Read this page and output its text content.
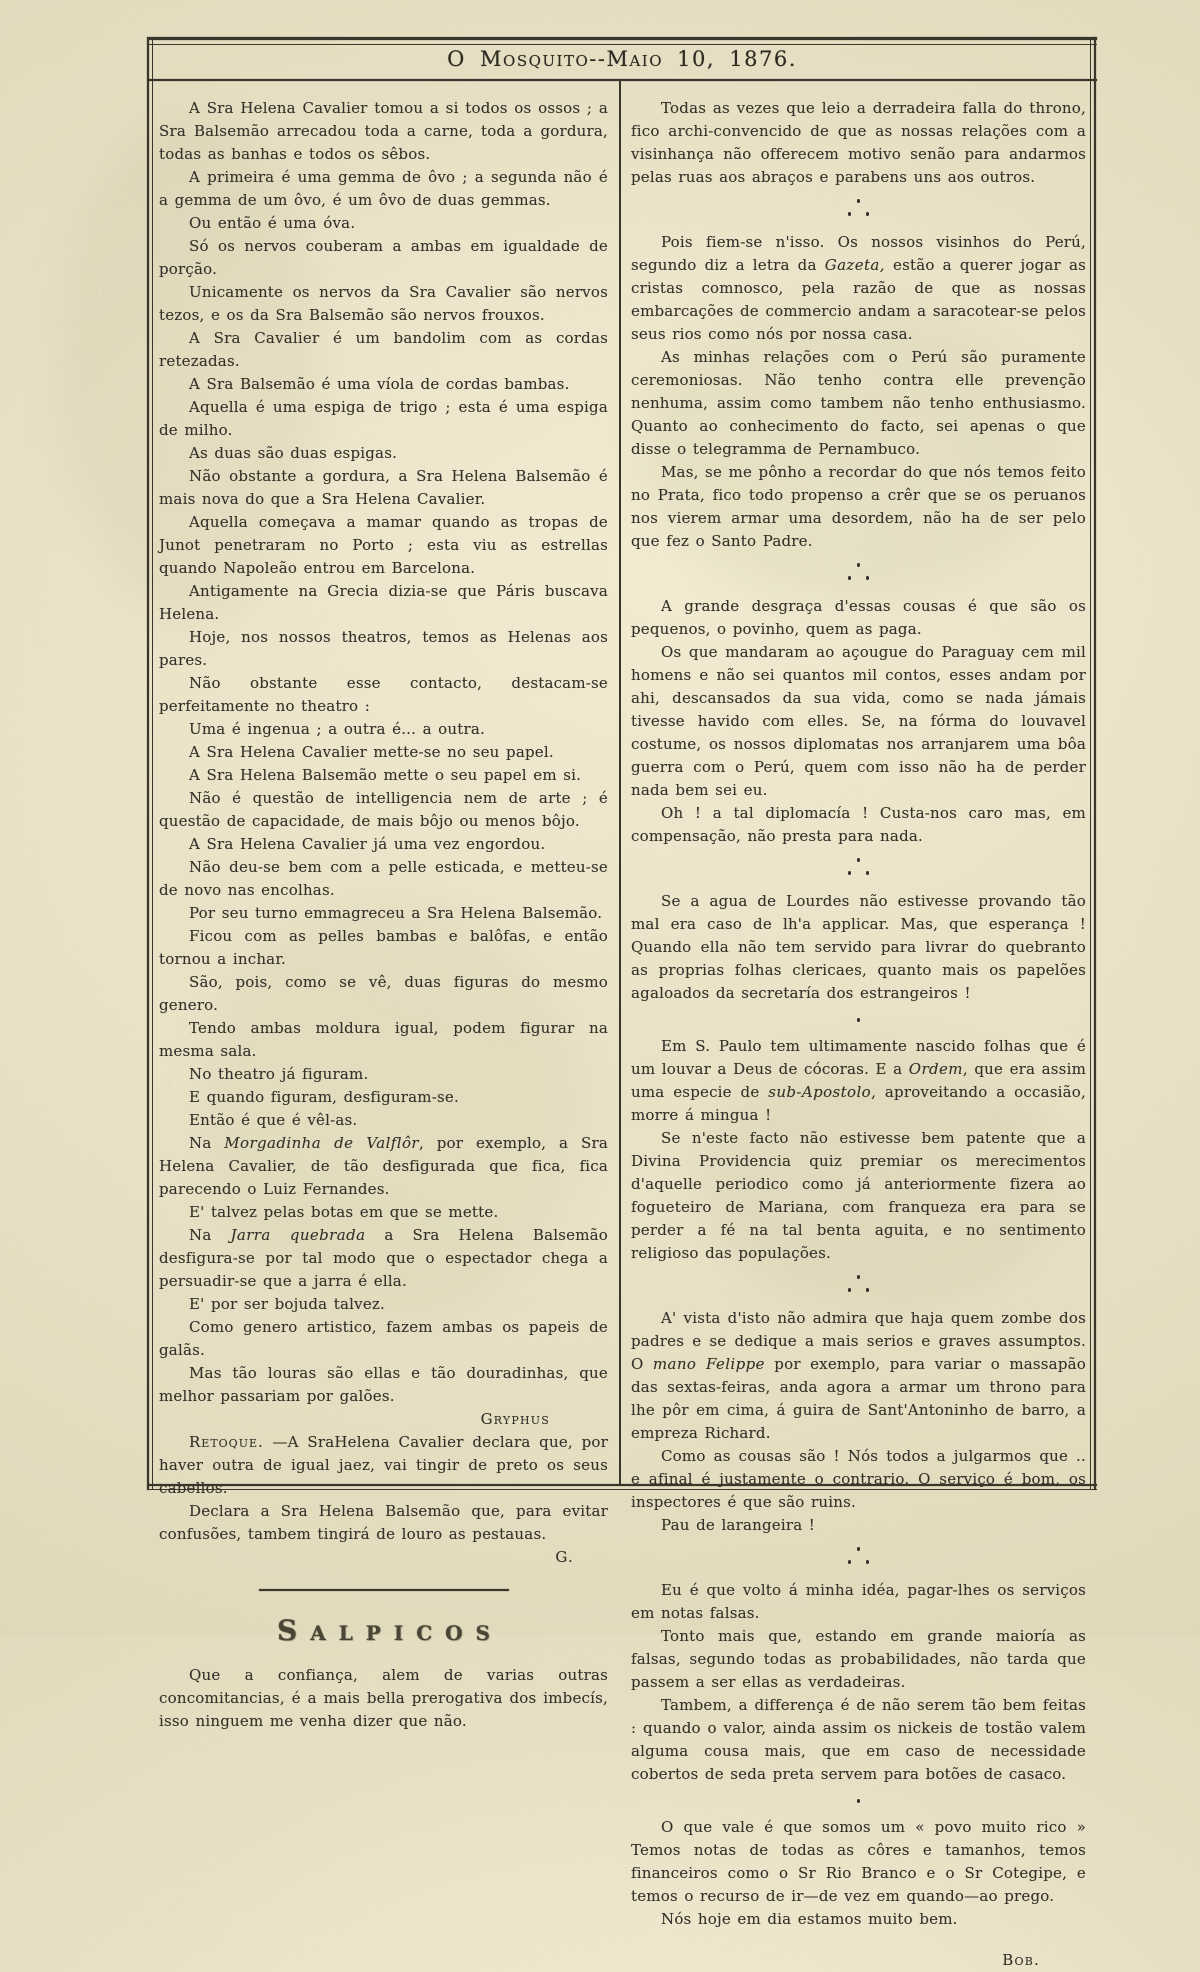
O Mosquito--Maio 10, 1876.

A Sra Helena Cavalier tomou a si todos os ossos ; a Sra Balsemão arrecadou toda a carne, toda a gordura, todas as banhas e todos os sêbos.

A primeira é uma gemma de ôvo ; a segunda não é a gemma de um ôvo, é um ôvo de duas gemmas.

Ou então é uma óva.

Só os nervos couberam a ambas em igualdade de porção.

Unicamente os nervos da Sra Cavalier são nervos tezos, e os da Sra Balsemão são nervos frouxos.

A Sra Cavalier é um bandolim com as cordas retezadas.

A Sra Balsemão é uma víola de cordas bambas.

Aquella é uma espiga de trigo ; esta é uma espiga de milho.

As duas são duas espigas.

Não obstante a gordura, a Sra Helena Balsemão é mais nova do que a Sra Helena Cavalier.

Aquella começava a mamar quando as tropas de Junot penetraram no Porto ; esta viu as estrellas quando Napoleão entrou em Barcelona.

Antigamente na Grecia dizia-se que Páris buscava Helena.

Hoje, nos nossos theatros, temos as Helenas aos pares.

Não obstante esse contacto, destacam-se perfeitamente no theatro :

Uma é ingenua ; a outra é... a outra.

A Sra Helena Cavalier mette-se no seu papel.

A Sra Helena Balsemão mette o seu papel em si.

Não é questão de intelligencia nem de arte ; é questão de capacidade, de mais bôjo ou menos bôjo.

A Sra Helena Cavalier já uma vez engordou.

Não deu-se bem com a pelle esticada, e metteu-se de novo nas encolhas.

Por seu turno emmagreceu a Sra Helena Balsemão.

Ficou com as pelles bambas e balôfas, e então tornou a inchar.

São, pois, como se vê, duas figuras do mesmo genero.

Tendo ambas moldura igual, podem figurar na mesma sala.

No theatro já figuram.

E quando figuram, desfiguram-se.

Então é que é vêl-as.

Na Morgadinha de Valflôr, por exemplo, a Sra Helena Cavalier, de tão desfigurada que fica, fica parecendo o Luiz Fernandes.

E' talvez pelas botas em que se mette.

Na Jarra quebrada a Sra Helena Balsemão desfigura-se por tal modo que o espectador chega a persuadir-se que a jarra é ella.

E' por ser bojuda talvez.

Como genero artistico, fazem ambas os papeis de galãs.

Mas tão louras são ellas e tão douradinhas, que melhor passariam por galões.

Gryphus

Retoque. —A SraHelena Cavalier declara que, por haver outra de igual jaez, vai tingir de preto os seus cabellos.

Declara a Sra Helena Balsemão que, para evitar confusões, tambem tingirá de louro as pestauas.

G.

Salpicos

Que a confiança, alem de varias outras concomitancias, é a mais bella prerogativa dos imbecís, isso ninguem me venha dizer que não.

Todas as vezes que leio a derradeira falla do throno, fico archi-convencido de que as nossas relações com a visinhança não offerecem motivo senão para andarmos pelas ruas aos abraços e parabens uns aos outros.

Pois fiem-se n'isso. Os nossos visinhos do Perú, segundo diz a letra da Gazeta, estão a querer jogar as cristas comnosco, pela razão de que as nossas embarcações de commercio andam a saracotear-se pelos seus rios como nós por nossa casa.

As minhas relações com o Perú são puramente ceremoniosas. Não tenho contra elle prevenção nenhuma, assim como tambem não tenho enthusiasmo. Quanto ao conhecimento do facto, sei apenas o que disse o telegramma de Pernambuco.

Mas, se me pônho a recordar do que nós temos feito no Prata, fico todo propenso a crêr que se os peruanos nos vierem armar uma desordem, não ha de ser pelo que fez o Santo Padre.

A grande desgraça d'essas cousas é que são os pequenos, o povinho, quem as paga.

Os que mandaram ao açougue do Paraguay cem mil homens e não sei quantos mil contos, esses andam por ahi, descansados da sua vida, como se nada jámais tivesse havido com elles. Se, na fórma do louvavel costume, os nossos diplomatas nos arranjarem uma bôa guerra com o Perú, quem com isso não ha de perder nada bem sei eu.

Oh ! a tal diplomacía ! Custa-nos caro mas, em compensação, não presta para nada.

Se a agua de Lourdes não estivesse provando tão mal era caso de lh'a applicar. Mas, que esperança ! Quando ella não tem servido para livrar do quebranto as proprias folhas clericaes, quanto mais os papelões agaloados da secretaría dos estrangeiros !

Em S. Paulo tem ultimamente nascido folhas que é um louvar a Deus de cócoras. E a Ordem, que era assim uma especie de sub-Apostolo, aproveitando a occasião, morre á mingua !

Se n'este facto não estivesse bem patente que a Divina Providencia quiz premiar os merecimentos d'aquelle periodico como já anteriormente fizera ao fogueteiro de Mariana, com franqueza era para se perder a fé na tal benta aguita, e no sentimento religioso das populações.

A' vista d'isto não admira que haja quem zombe dos padres e se dedique a mais serios e graves assumptos. O mano Felippe por exemplo, para variar o massapão das sextas-feiras, anda agora a armar um throno para lhe pôr em cima, á guira de Sant'Antoninho de barro, a empreza Richard.

Como as cousas são ! Nós todos a julgarmos que .. e afinal é justamente o contrario. O serviço é bom, os inspectores é que são ruins.

Pau de larangeira !

Eu é que volto á minha idéa, pagar-lhes os serviços em notas falsas.

Tonto mais que, estando em grande maioría as falsas, segundo todas as probabilidades, não tarda que passem a ser ellas as verdadeiras.

Tambem, a differença é de não serem tão bem feitas : quando o valor, ainda assim os nickeis de tostão valem alguma cousa mais, que em caso de necessidade cobertos de seda preta servem para botões de casaco.

O que vale é que somos um « povo muito rico » Temos notas de todas as côres e tamanhos, temos financeiros como o Sr Rio Branco e o Sr Cotegipe, e temos o recurso de ir—de vez em quando—ao prego.

Nós hoje em dia estamos muito bem.

Bob.
